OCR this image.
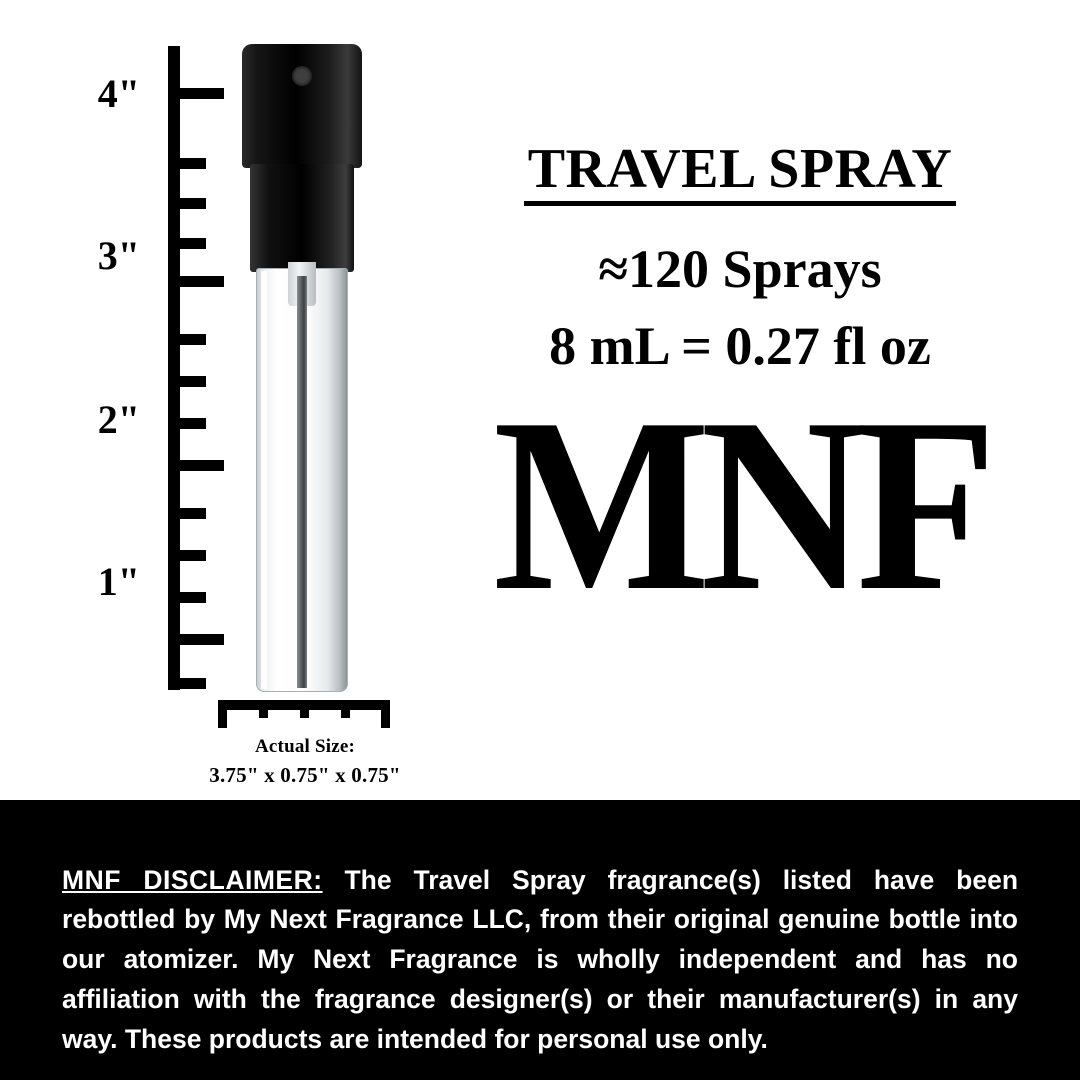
4"
3"
2"
1"
Actual Size:
3.75" x 0.75" x 0.75"
TRAVEL SPRAY
≈120 Sprays
8 mL = 0.27 fl oz
MNF

MNF DISCLAIMER: The Travel Spray fragrance(s) listed have been rebottled by My Next Fragrance LLC, from their original genuine bottle into our atomizer. My Next Fragrance is wholly independent and has no affiliation with the fragrance designer(s) or their manufacturer(s) in any way. These products are intended for personal use only.
